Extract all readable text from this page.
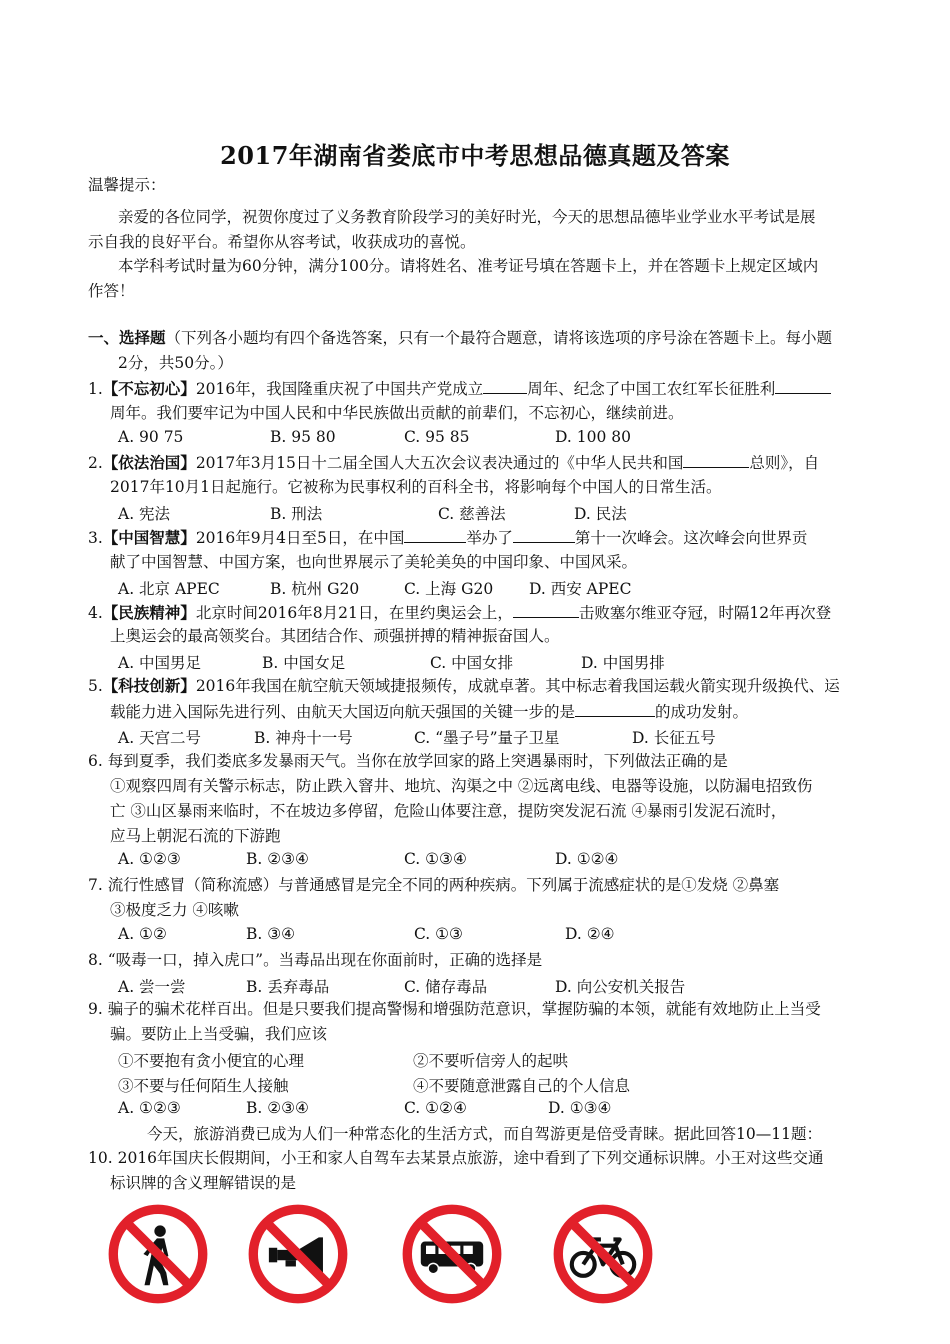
2017年湖南省娄底市中考思想品德真题及答案
温馨提示：
亲爱的各位同学，祝贺你度过了义务教育阶段学习的美好时光，今天的思想品德毕业学业水平考试是展
示自我的良好平台。希望你从容考试，收获成功的喜悦。
本学科考试时量为60分钟，满分100分。请将姓名、准考证号填在答题卡上，并在答题卡上规定区域内
作答！
一、选择题（下列各小题均有四个备选答案，只有一个最符合题意，请将该选项的序号涂在答题卡上。每小题
2分，共50分。）
1.【不忘初心】2016年，我国隆重庆祝了中国共产党成立	周年、纪念了中国工农红军长征胜利
周年。我们要牢记为中国人民和中华民族做出贡献的前辈们，不忘初心，继续前进。
A. 90 75	B. 95 80	C. 95 85	D. 100 80
2.【依法治国】2017年3月15日十二届全国人大五次会议表决通过的《中华人民共和国	总则》，自
2017年10月1日起施行。它被称为民事权利的百科全书，将影响每个中国人的日常生活。
A. 宪法	B. 刑法	C. 慈善法	D. 民法
3.【中国智慧】2016年9月4日至5日，在中国	举办了	第十一次峰会。这次峰会向世界贡
献了中国智慧、中国方案，也向世界展示了美轮美奂的中国印象、中国风采。
A. 北京 APEC	B. 杭州 G20	C. 上海 G20 D. 西安 APEC
4.【民族精神】北京时间2016年8月21日，在里约奥运会上，	击败塞尔维亚夺冠，时隔12年再次登
上奥运会的最高领奖台。其团结合作、顽强拼搏的精神振奋国人。
A. 中国男足	B. 中国女足	C. 中国女排	D. 中国男排
5.【科技创新】2016年我国在航空航天领域捷报频传，成就卓著。其中标志着我国运载火箭实现升级换代、运
载能力进入国际先进行列、由航天大国迈向航天强国的关键一步的是	的成功发射。
A. 天宫二号	B. 神舟十一号	C. “墨子号”量子卫星	D. 长征五号
6. 每到夏季，我们娄底多发暴雨天气。当你在放学回家的路上突遇暴雨时，下列做法正确的是
①观察四周有关警示标志，防止跌入窨井、地坑、沟渠之中 ②远离电线、电器等设施，以防漏电招致伤
亡 ③山区暴雨来临时，不在坡边多停留，危险山体要注意，提防突发泥石流 ④暴雨引发泥石流时，
应马上朝泥石流的下游跑
A. ①②③	B. ②③④	C. ①③④	D. ①②④
7. 流行性感冒（简称流感）与普通感冒是完全不同的两种疾病。下列属于流感症状的是①发烧 ②鼻塞
③极度乏力 ④咳嗽
A. ①②	B. ③④	C. ①③	D. ②④
8. “吸毒一口，掉入虎口”。当毒品出现在你面前时，正确的选择是
A. 尝一尝	B. 丢弃毒品	C. 储存毒品	D. 向公安机关报告
9. 骗子的骗术花样百出。但是只要我们提高警惕和增强防范意识，掌握防骗的本领，就能有效地防止上当受
骗。要防止上当受骗，我们应该
①不要抱有贪小便宜的心理	②不要听信旁人的起哄
③不要与任何陌生人接触	④不要随意泄露自己的个人信息
A. ①②③	B. ②③④	C. ①②④	D. ①③④
今天，旅游消费已成为人们一种常态化的生活方式，而自驾游更是倍受青睐。据此回答10—11题：
10. 2016年国庆长假期间，小王和家人自驾车去某景点旅游，途中看到了下列交通标识牌。小王对这些交通
标识牌的含义理解错误的是
